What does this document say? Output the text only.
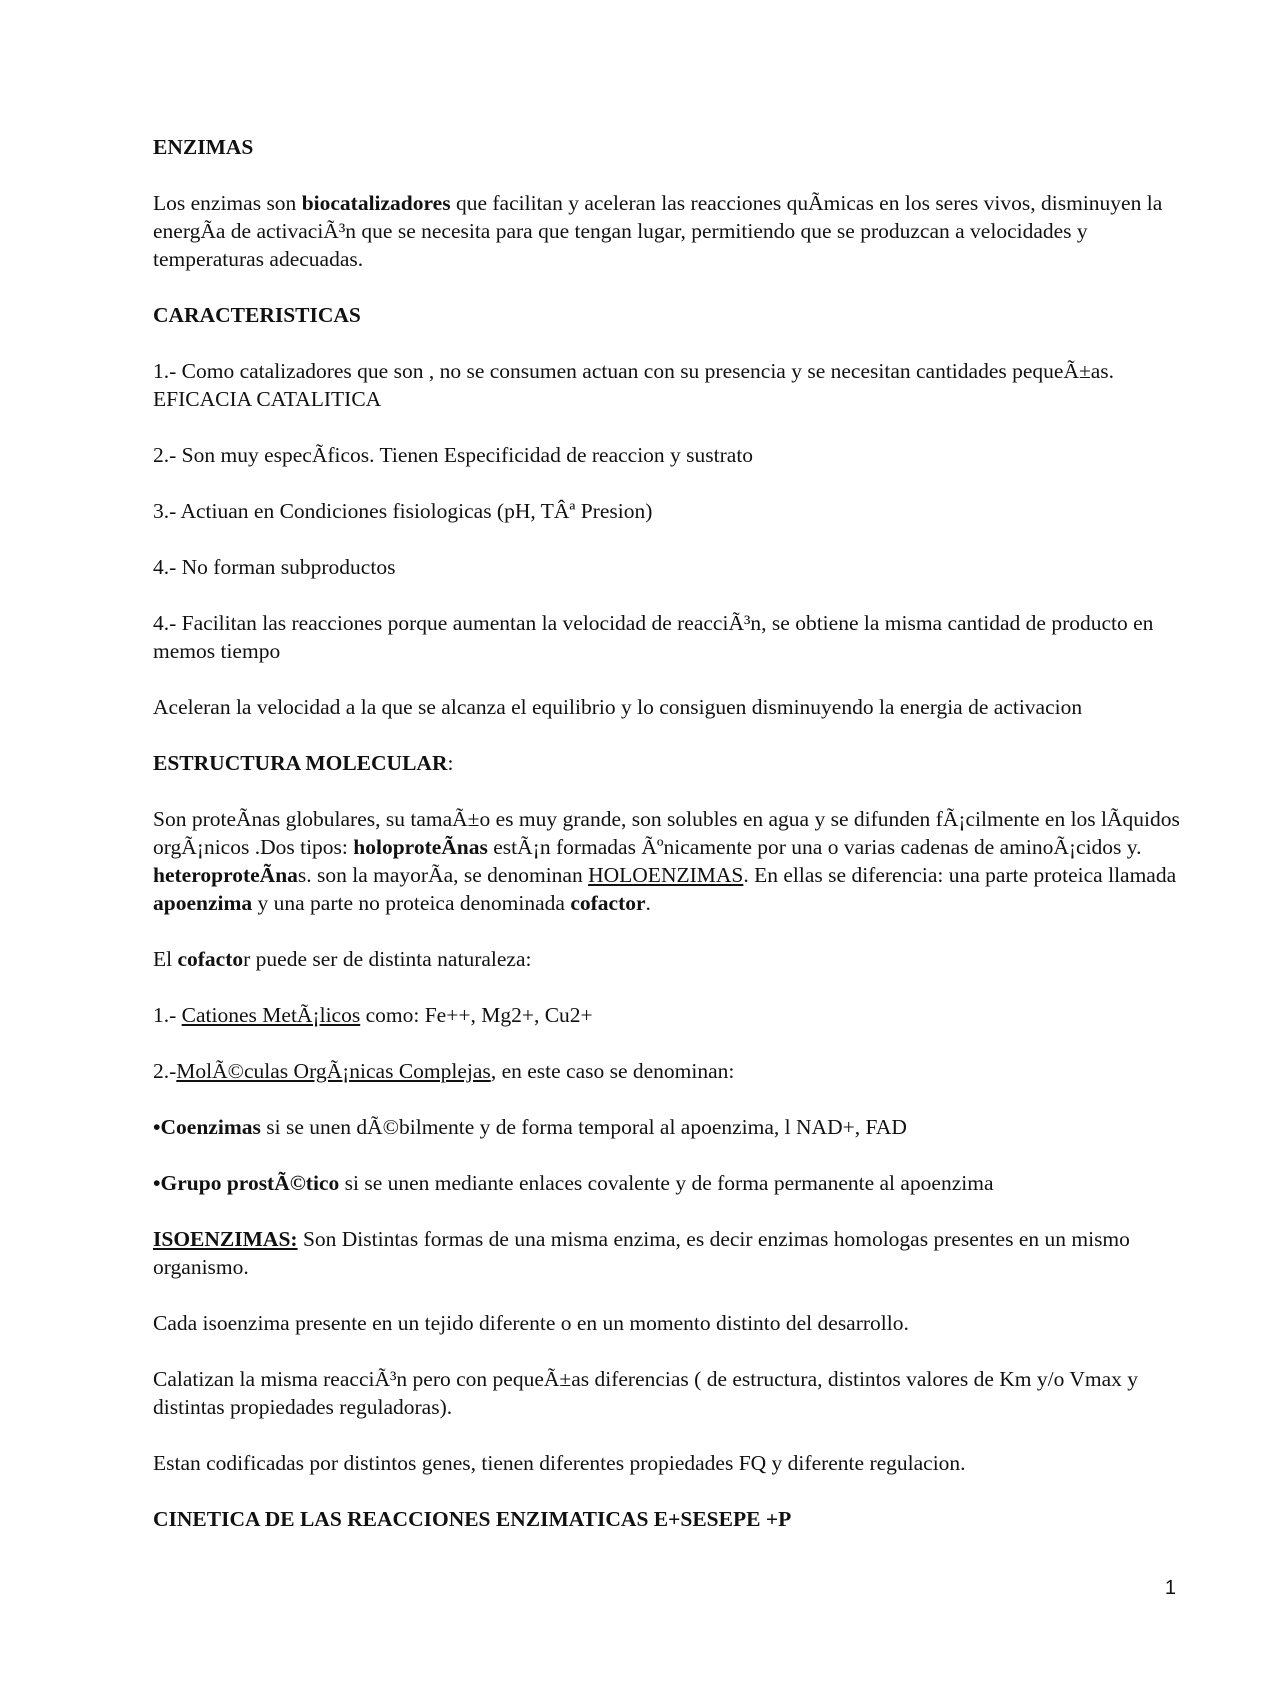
ENZIMAS
Los enzimas son biocatalizadores que facilitan y aceleran las reacciones quÃmicas en los seres vivos, disminuyen la energÃa de activaciÃ³n que se necesita para que tengan lugar, permitiendo que se produzcan a velocidades y temperaturas adecuadas.
CARACTERISTICAS
1.- Como catalizadores que son , no se consumen actuan con su presencia y se necesitan cantidades pequeÃ±as. EFICACIA CATALITICA
2.- Son muy especÃficos. Tienen Especificidad de reaccion y sustrato
3.- Actiuan en Condiciones fisiologicas (pH, TÂª Presion)
4.- No forman subproductos
4.- Facilitan las reacciones porque aumentan la velocidad de reacciÃ³n, se obtiene la misma cantidad de producto en memos tiempo
Aceleran la velocidad a la que se alcanza el equilibrio y lo consiguen disminuyendo la energia de activacion
ESTRUCTURA MOLECULAR:
Son proteÃnas globulares, su tamaÃ±o es muy grande, son solubles en agua y se difunden fÃ¡cilmente en los lÃquidos orgÃ¡nicos .Dos tipos: holoproteÃnas estÃ¡n formadas Ãºnicamente por una o varias cadenas de aminoÃ¡cidos y. heteroproteÃnas. son la mayorÃa, se denominan HOLOENZIMAS. En ellas se diferencia: una parte proteica llamada apoenzima y una parte no proteica denominada cofactor.
El cofactor puede ser de distinta naturaleza:
1.- Cationes MetÃ¡licos como: Fe++, Mg2+, Cu2+
2.-MolÃ©culas OrgÃ¡nicas Complejas, en este caso se denominan:
•Coenzimas si se unen dÃ©bilmente y de forma temporal al apoenzima, l NAD+, FAD
•Grupo prostÃ©tico si se unen mediante enlaces covalente y de forma permanente al apoenzima
ISOENZIMAS: Son Distintas formas de una misma enzima, es decir enzimas homologas presentes en un mismo organismo.
Cada isoenzima presente en un tejido diferente o en un momento distinto del desarrollo.
Calatizan la misma reacciÃ³n pero con pequeÃ±as diferencias ( de estructura, distintos valores de Km y/o Vmax y distintas propiedades reguladoras).
Estan codificadas por distintos genes, tienen diferentes propiedades FQ y diferente regulacion.
CINETICA DE LAS REACCIONES ENZIMATICAS E+SESEPE +P
1
